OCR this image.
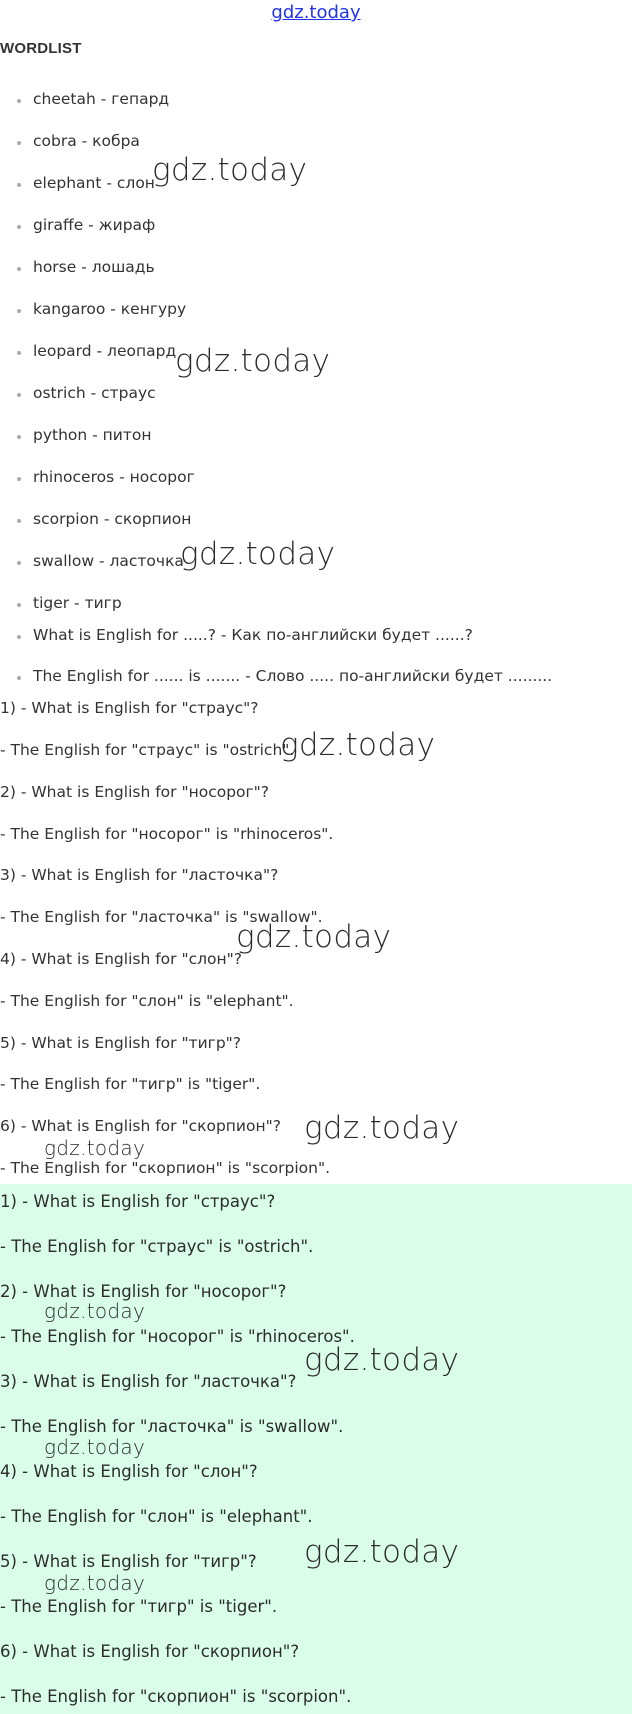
gdz.today
WORDLIST
cheetah - гепард
cobra - кобра
elephant - слон
giraffe - жираф
horse - лошадь
kangaroo - кенгуру
leopard - леопард
ostrich - страус
python - питон
rhinoceros - носорог
scorpion - скорпион
swallow - ласточка
tiger - тигр
What is English for .....? - Как по-английски будет ......?
The English for ...... is ....... - Слово ..... по-английски будет .........
1) - What is English for "страус"?
- The English for "страус" is "ostrich".
2) - What is English for "носорог"?
- The English for "носорог" is "rhinoceros".
3) - What is English for "ласточка"?
- The English for "ласточка" is "swallow".
4) - What is English for "слон"?
- The English for "слон" is "elephant".
5) - What is English for "тигр"?
- The English for "тигр" is "tiger".
6) - What is English for "скорпион"?
- The English for "скорпион" is "scorpion".
1) - What is English for "страус"?
- The English for "страус" is "ostrich".
2) - What is English for "носорог"?
- The English for "носорог" is "rhinoceros".
3) - What is English for "ласточка"?
- The English for "ласточка" is "swallow".
4) - What is English for "слон"?
- The English for "слон" is "elephant".
5) - What is English for "тигр"?
- The English for "тигр" is "tiger".
6) - What is English for "скорпион"?
- The English for "скорпион" is "scorpion".
gdz.today
gdz.today
gdz.today
gdz.today
gdz.today
gdz.today
gdz.today
gdz.today
gdz.today
gdz.today
gdz.today
gdz.today
